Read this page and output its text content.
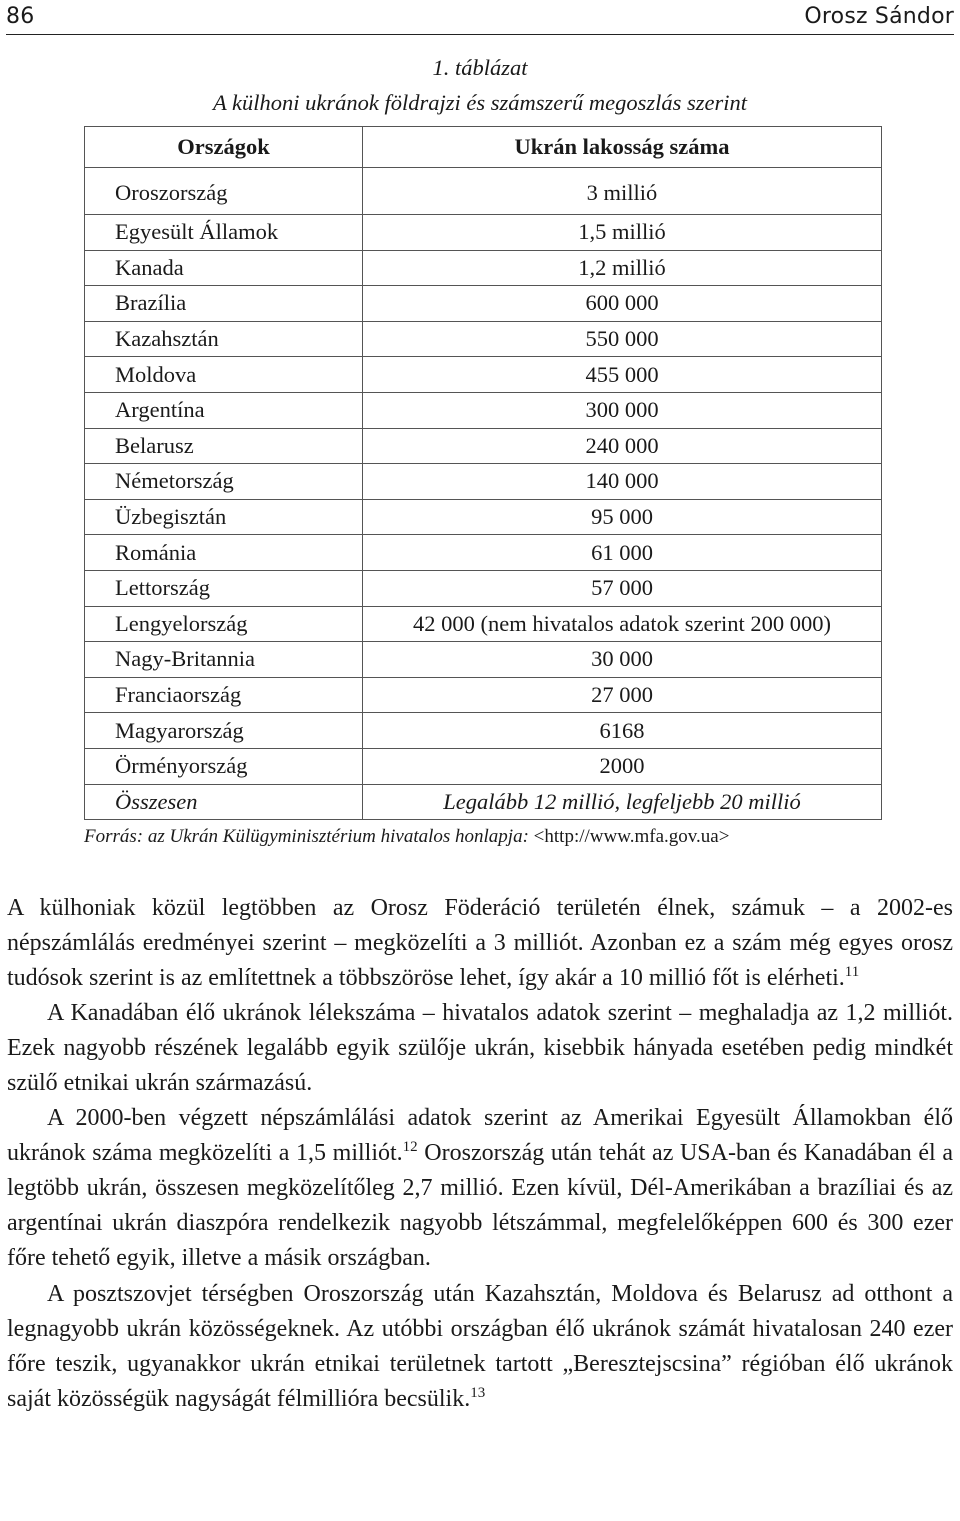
86	Orosz Sándor
1. táblázat
A külhoni ukránok földrajzi és számszerű megoszlás szerint
Országok	Ukrán lakosság száma
Oroszország	3 millió
Egyesült Államok	1,5 millió
Kanada	1,2 millió
Brazília	600 000
Kazahsztán	550 000
Moldova	455 000
Argentína	300 000
Belarusz	240 000
Németország	140 000
Üzbegisztán	95 000
Románia	61 000
Lettország	57 000
Lengyelország	42 000 (nem hivatalos adatok szerint 200 000)
Nagy-Britannia	30 000
Franciaország	27 000
Magyarország	6168
Örményország	2000
Összesen	Legalább 12 millió, legfeljebb 20 millió
Forrás: az Ukrán Külügyminisztérium hivatalos honlapja: <http://www.mfa.gov.ua>

A külhoniak közül legtöbben az Orosz Föderáció területén élnek, számuk – a 2002-es népszámlálás eredményei szerint – megközelíti a 3 milliót. Azonban ez a szám még egyes orosz tudósok szerint is az említettnek a többszöröse lehet, így akár a 10 millió főt is elérheti.$^{11}$

A Kanadában élő ukránok lélekszáma – hivatalos adatok szerint – meghaladja az 1,2 milliót. Ezek nagyobb részének legalább egyik szülője ukrán, kisebbik hányada esetében pedig mindkét szülő etnikai ukrán származású.

A 2000-ben végzett népszámlálási adatok szerint az Amerikai Egyesült Államokban élő ukránok száma megközelíti a 1,5 milliót.$^{12}$ Oroszország után tehát az USA-ban és Kanadában él a legtöbb ukrán, összesen megközelítőleg 2,7 millió. Ezen kívül, Dél-Amerikában a brazíliai és az argentínai ukrán diaszpóra rendelkezik nagyobb létszámmal, megfelelőképpen 600 és 300 ezer főre tehető egyik, illetve a másik országban.

A posztszovjet térségben Oroszország után Kazahsztán, Moldova és Belarusz ad otthont a legnagyobb ukrán közösségeknek. Az utóbbi országban élő ukránok számát hivatalosan 240 ezer főre teszik, ugyanakkor ukrán etnikai területnek tartott „Beresztejscsina” régióban élő ukránok saját közösségük nagyságát félmillióra becsülik.$^{13}$
